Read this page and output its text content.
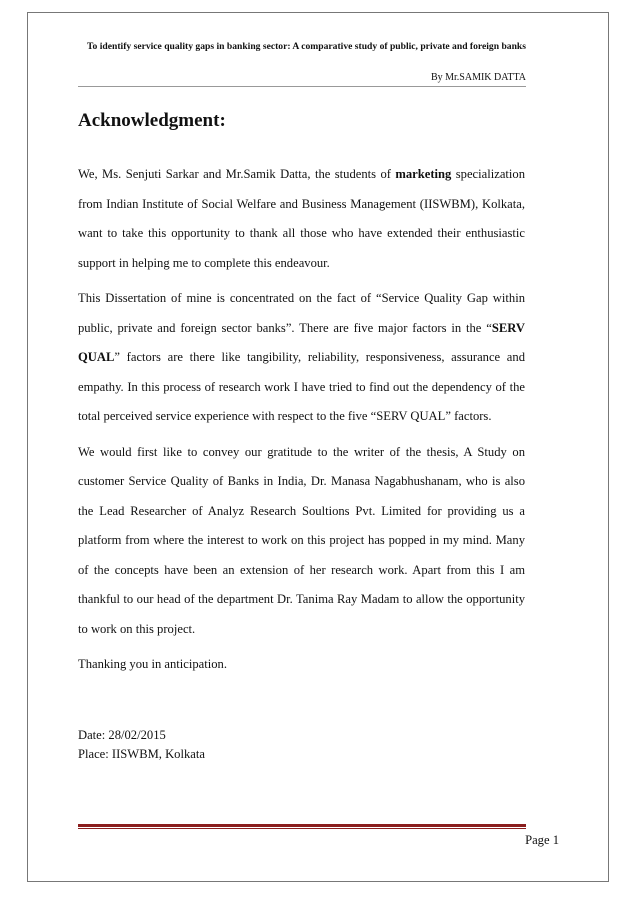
To identify service quality gaps in banking sector: A comparative study of public, private and foreign banks
By Mr.SAMIK DATTA
Acknowledgment:

We, Ms. Senjuti Sarkar and Mr.Samik Datta, the students of marketing specialization from Indian Institute of Social Welfare and Business Management (IISWBM), Kolkata, want to take this opportunity to thank all those who have extended their enthusiastic support in helping me to complete this endeavour.

This Dissertation of mine is concentrated on the fact of “Service Quality Gap within public, private and foreign sector banks”. There are five major factors in the “SERV QUAL” factors are there like tangibility, reliability, responsiveness, assurance and empathy. In this process of research work I have tried to find out the dependency of the total perceived service experience with respect to the five “SERV QUAL” factors.

We would first like to convey our gratitude to the writer of the thesis, A Study on customer Service Quality of Banks in India, Dr. Manasa Nagabhushanam, who is also the Lead Researcher of Analyz Research Soultions Pvt. Limited for providing us a platform from where the interest to work on this project has popped in my mind. Many of the concepts have been an extension of her research work. Apart from this I am thankful to our head of the department Dr. Tanima Ray Madam to allow the opportunity to work on this project.

Thanking you in anticipation.

Date: 28/02/2015
Place: IISWBM, Kolkata
Page 1
